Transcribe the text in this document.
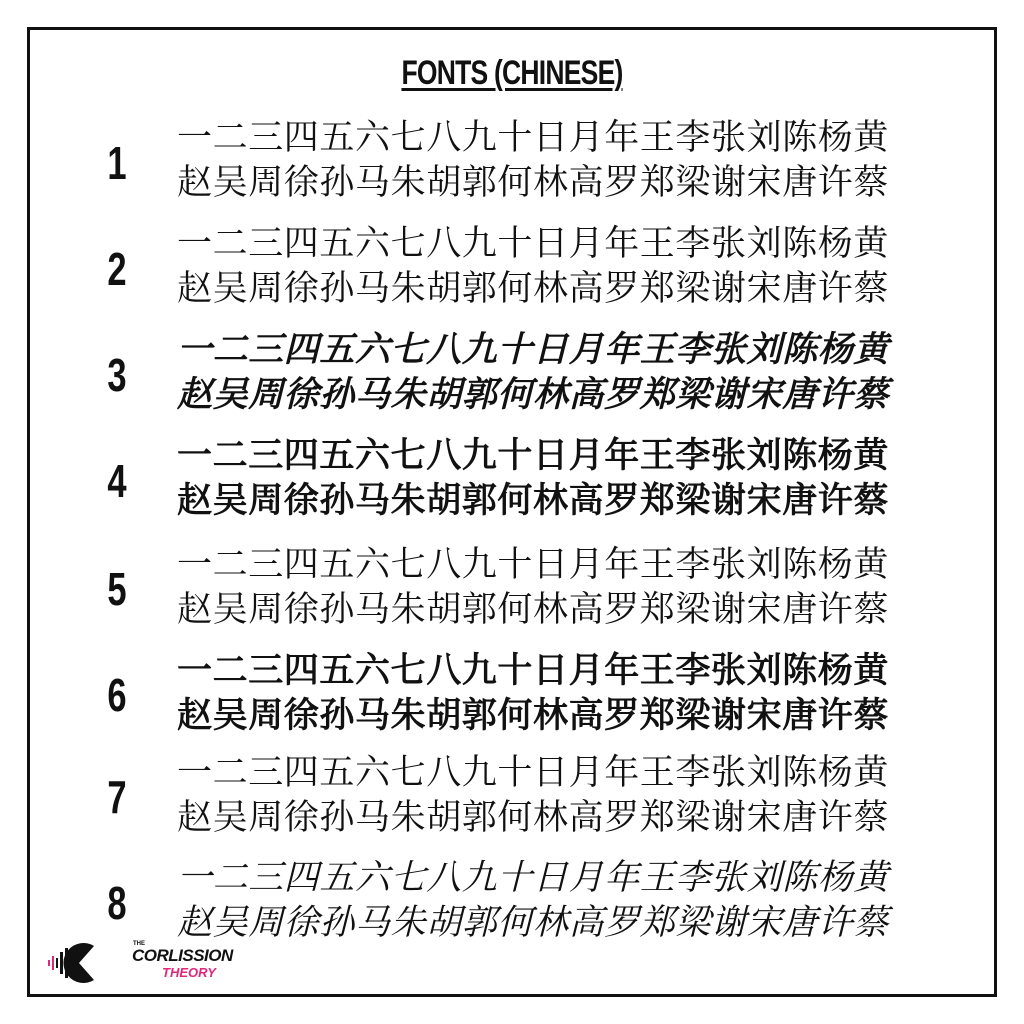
FONTS (CHINESE)
1 一二三四五六七八九十日月年王李张刘陈杨黄
赵吴周徐孙马朱胡郭何林高罗郑梁谢宋唐许蔡
2 一二三四五六七八九十日月年王李张刘陈杨黄
赵吴周徐孙马朱胡郭何林高罗郑梁谢宋唐许蔡
3 一二三四五六七八九十日月年王李张刘陈杨黄
赵吴周徐孙马朱胡郭何林高罗郑梁谢宋唐许蔡
4 一二三四五六七八九十日月年王李张刘陈杨黄
赵吴周徐孙马朱胡郭何林高罗郑梁谢宋唐许蔡
5 一二三四五六七八九十日月年王李张刘陈杨黄
赵吴周徐孙马朱胡郭何林高罗郑梁谢宋唐许蔡
6 一二三四五六七八九十日月年王李张刘陈杨黄
赵吴周徐孙马朱胡郭何林高罗郑梁谢宋唐许蔡
7 一二三四五六七八九十日月年王李张刘陈杨黄
赵吴周徐孙马朱胡郭何林高罗郑梁谢宋唐许蔡
8 一二三四五六七八九十日月年王李张刘陈杨黄
赵吴周徐孙马朱胡郭何林高罗郑梁谢宋唐许蔡
THE
CORLISSION
THEORY
